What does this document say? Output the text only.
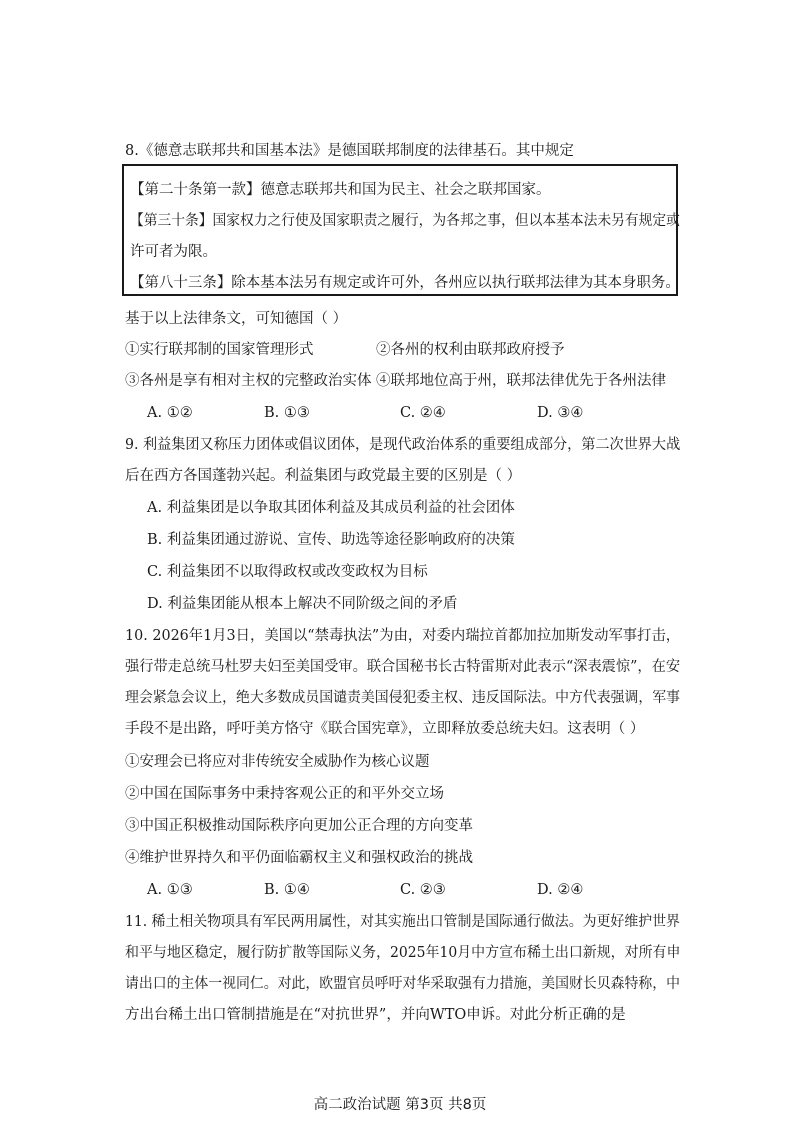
8.《德意志联邦共和国基本法》是德国联邦制度的法律基石。其中规定
【第二十条第一款】德意志联邦共和国为民主、社会之联邦国家。
【第三十条】国家权力之行使及国家职责之履行，为各邦之事，但以本基本法未另有规定或
许可者为限。
【第八十三条】除本基本法另有规定或许可外，各州应以执行联邦法律为其本身职务。
基于以上法律条文，可知德国（ ）
①实行联邦制的国家管理形式	②各州的权利由联邦政府授予
③各州是享有相对主权的完整政治实体 ④联邦地位高于州，联邦法律优先于各州法律
A. ①②	B. ①③	C. ②④	D. ③④
9. 利益集团又称压力团体或倡议团体，是现代政治体系的重要组成部分，第二次世界大战
后在西方各国蓬勃兴起。利益集团与政党最主要的区别是（ ）
A. 利益集团是以争取其团体利益及其成员利益的社会团体
B. 利益集团通过游说、宣传、助选等途径影响政府的决策
C. 利益集团不以取得政权或改变政权为目标
D. 利益集团能从根本上解决不同阶级之间的矛盾
10. 2026年1月3日，美国以“禁毒执法”为由，对委内瑞拉首都加拉加斯发动军事打击，
强行带走总统马杜罗夫妇至美国受审。联合国秘书长古特雷斯对此表示“深表震惊”，在安
理会紧急会议上，绝大多数成员国谴责美国侵犯委主权、违反国际法。中方代表强调，军事
手段不是出路，呼吁美方恪守《联合国宪章》，立即释放委总统夫妇。这表明（ ）
①安理会已将应对非传统安全威胁作为核心议题
②中国在国际事务中秉持客观公正的和平外交立场
③中国正积极推动国际秩序向更加公正合理的方向变革
④维护世界持久和平仍面临霸权主义和强权政治的挑战
A. ①③	B. ①④	C. ②③	D. ②④
11. 稀土相关物项具有军民两用属性，对其实施出口管制是国际通行做法。为更好维护世界
和平与地区稳定，履行防扩散等国际义务，2025年10月中方宣布稀土出口新规，对所有申
请出口的主体一视同仁。对此，欧盟官员呼吁对华采取强有力措施，美国财长贝森特称，中
方出台稀土出口管制措施是在“对抗世界”，并向WTO申诉。对此分析正确的是
高二政治试题 第3页 共8页
